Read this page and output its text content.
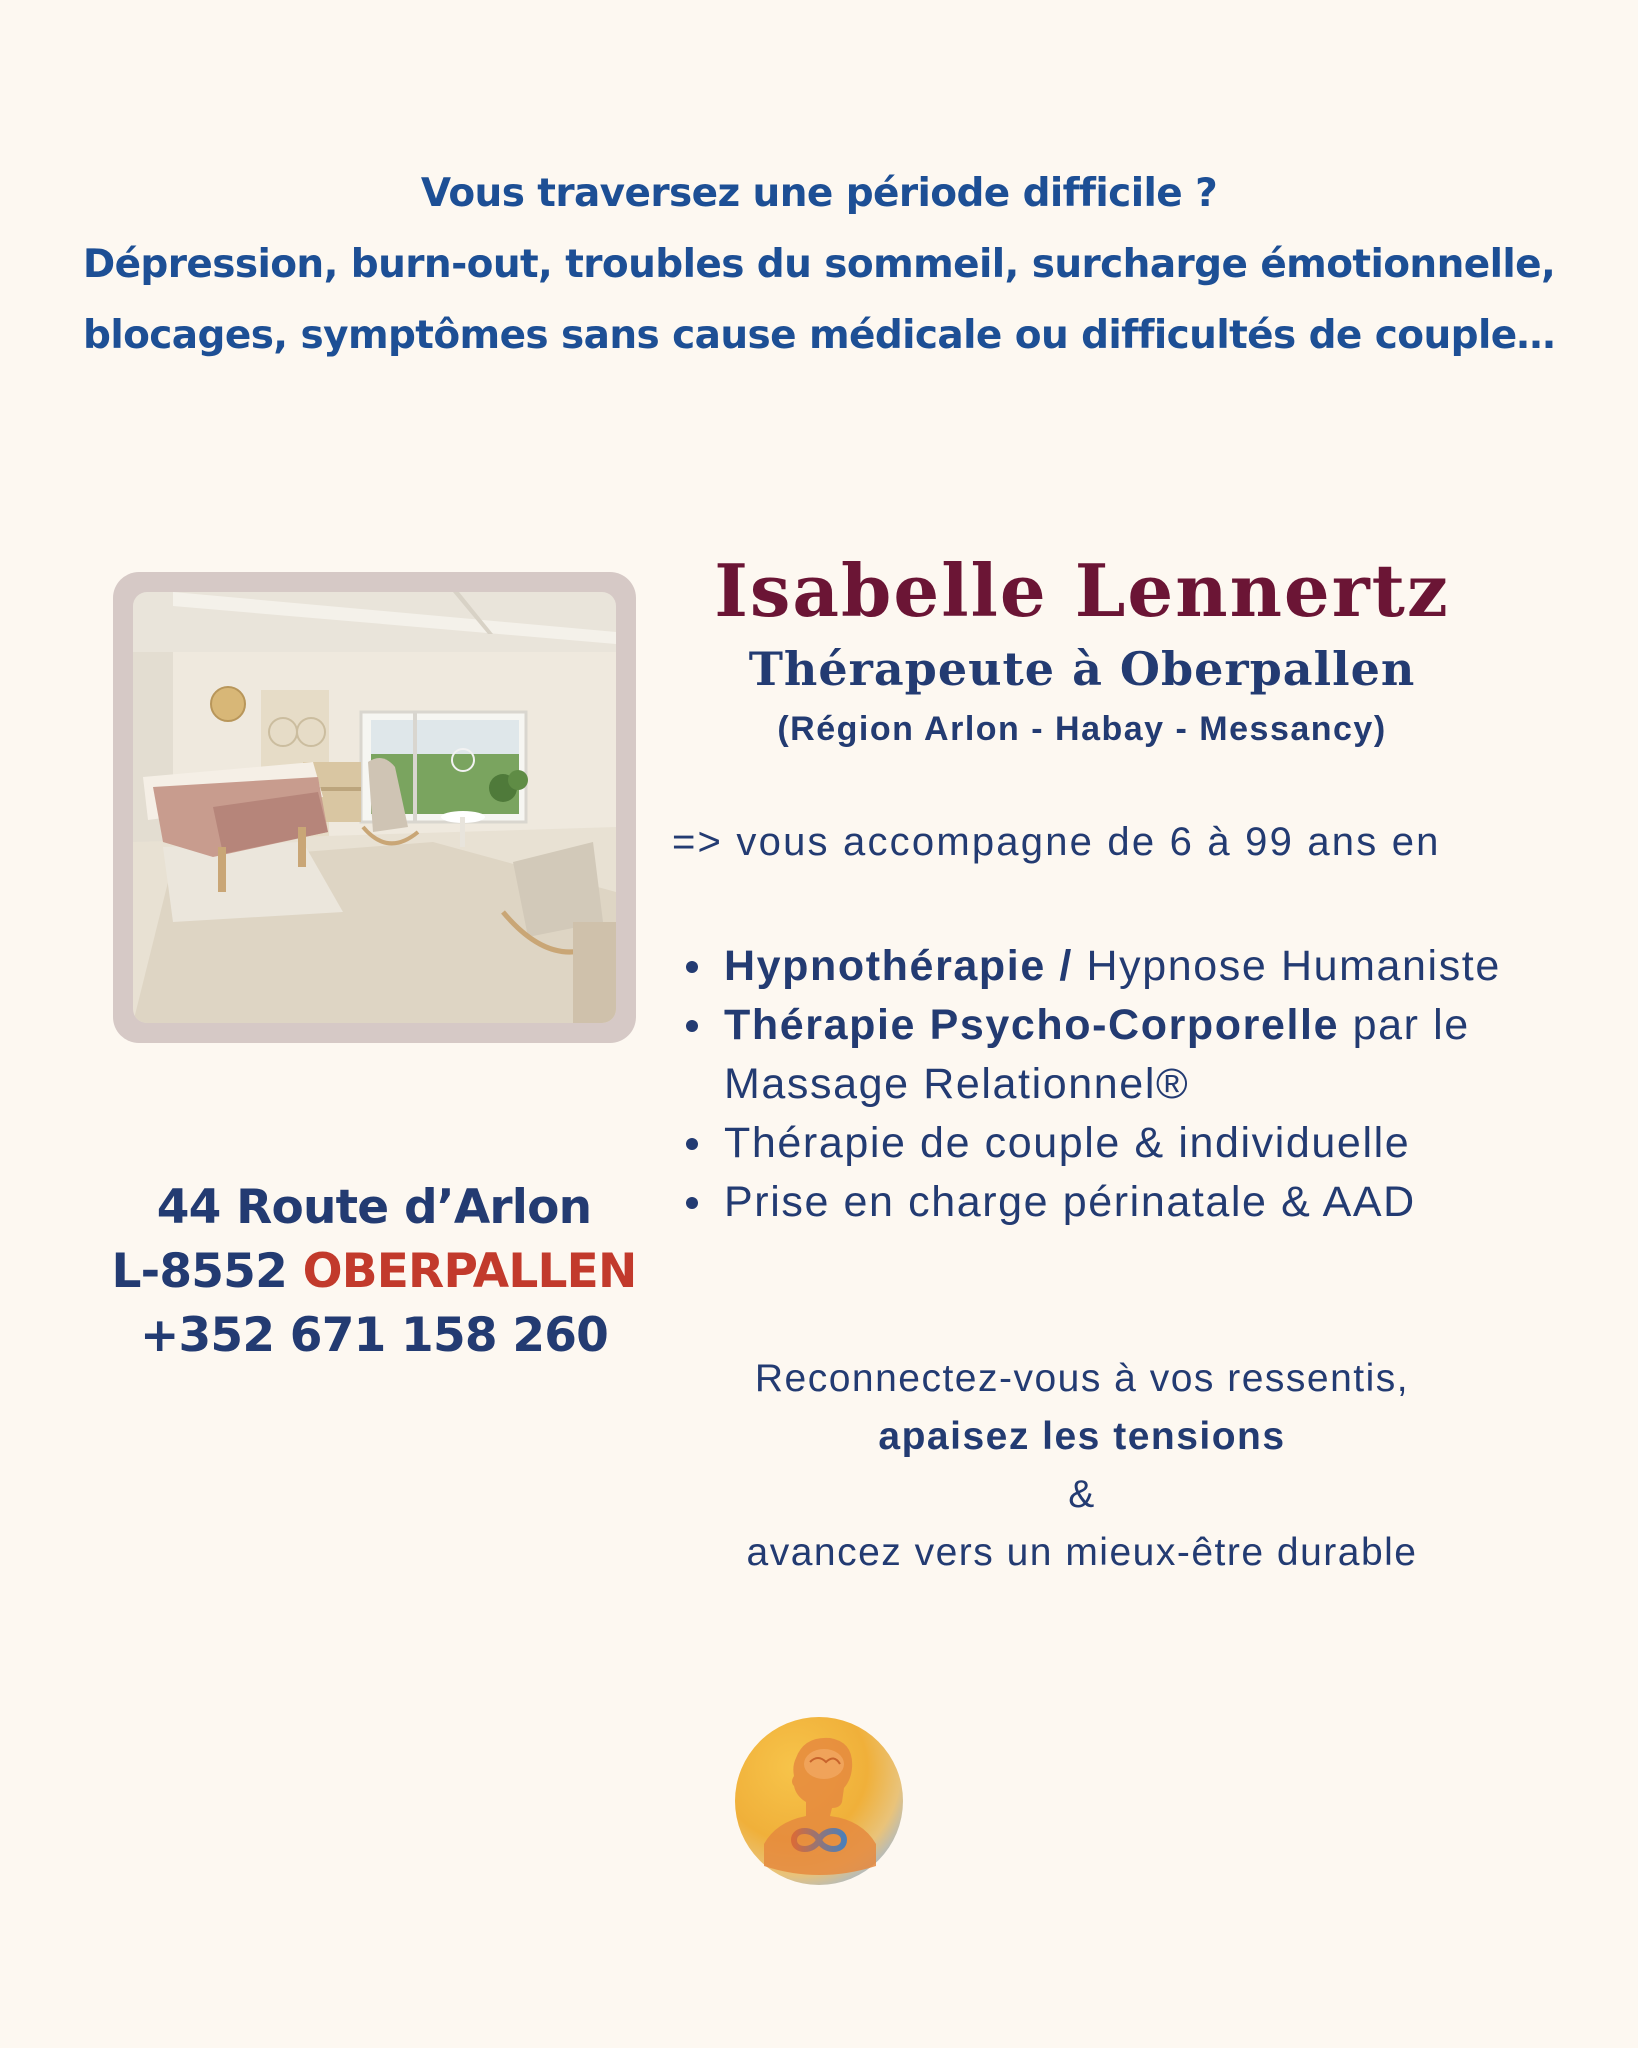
Vous traversez une période difficile ?
Dépression, burn-out, troubles du sommeil, surcharge émotionnelle,
blocages, symptômes sans cause médicale ou difficultés de couple…
Isabelle Lennertz
Thérapeute à Oberpallen
(Région Arlon - Habay - Messancy)
=> vous accompagne de 6 à 99 ans en
Hypnothérapie / Hypnose Humaniste
Thérapie Psycho-Corporelle par le
Massage Relationnel®
Thérapie de couple & individuelle
Prise en charge périnatale & AAD
44 Route d’Arlon
L-8552 OBERPALLEN
+352 671 158 260
Reconnectez-vous à vos ressentis,
apaisez les tensions
&
avancez vers un mieux-être durable
